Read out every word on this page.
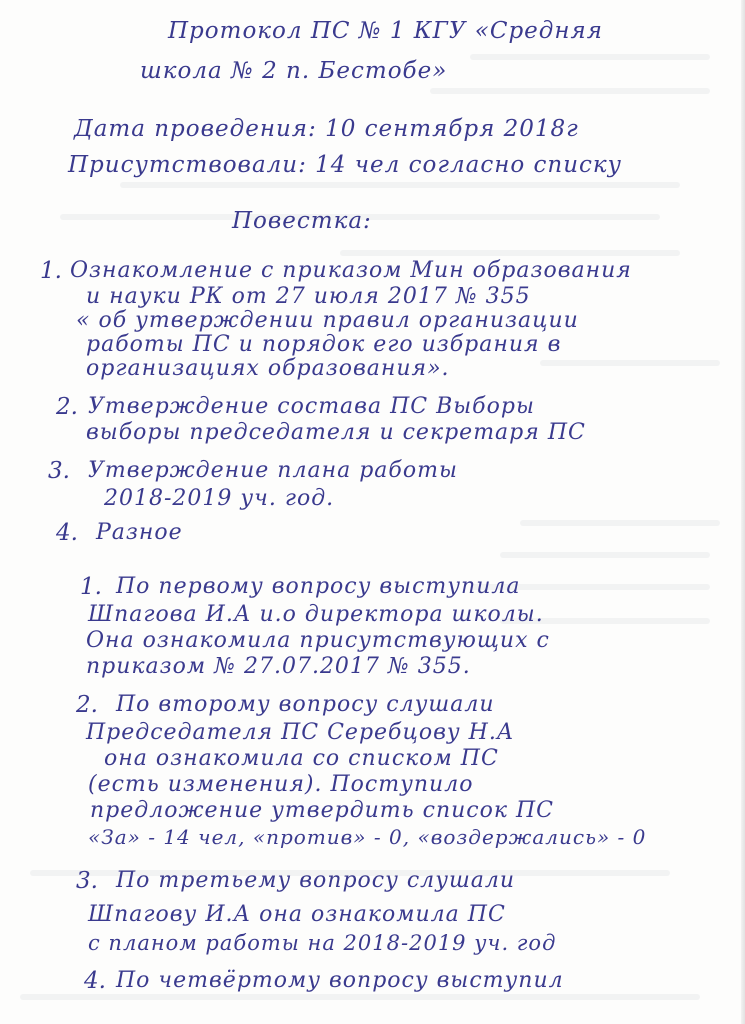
Протокол ПС № 1 КГУ «Средняя
школа № 2 п. Бестобе»
Дата проведения: 10 сентября 2018г
Присутствовали: 14 чел согласно списку
Повестка:
1. Ознакомление с приказом Мин образования
и науки РК от 27 июля 2017 № 355
« об утверждении правил организации
работы ПС и порядок его избрания в
организациях образования».
2. Утверждение состава ПС Выборы
выборы председателя и секретаря ПС
3. Утверждение плана работы
2018-2019 уч. год.
4. Разное
1. По первому вопросу выступила
Шпагова И.А и.о директора школы.
Она ознакомила присутствующих с
приказом № 27.07.2017 № 355.
2. По второму вопросу слушали
Председателя ПС Серебцову Н.А
она ознакомила со списком ПС
(есть изменения). Поступило
предложение утвердить список ПС
«За» - 14 чел, «против» - 0, «воздержались» - 0
3. По третьему вопросу слушали
Шпагову И.А она ознакомила ПС
с планом работы на 2018-2019 уч. год
4. По четвёртому вопросу выступил
